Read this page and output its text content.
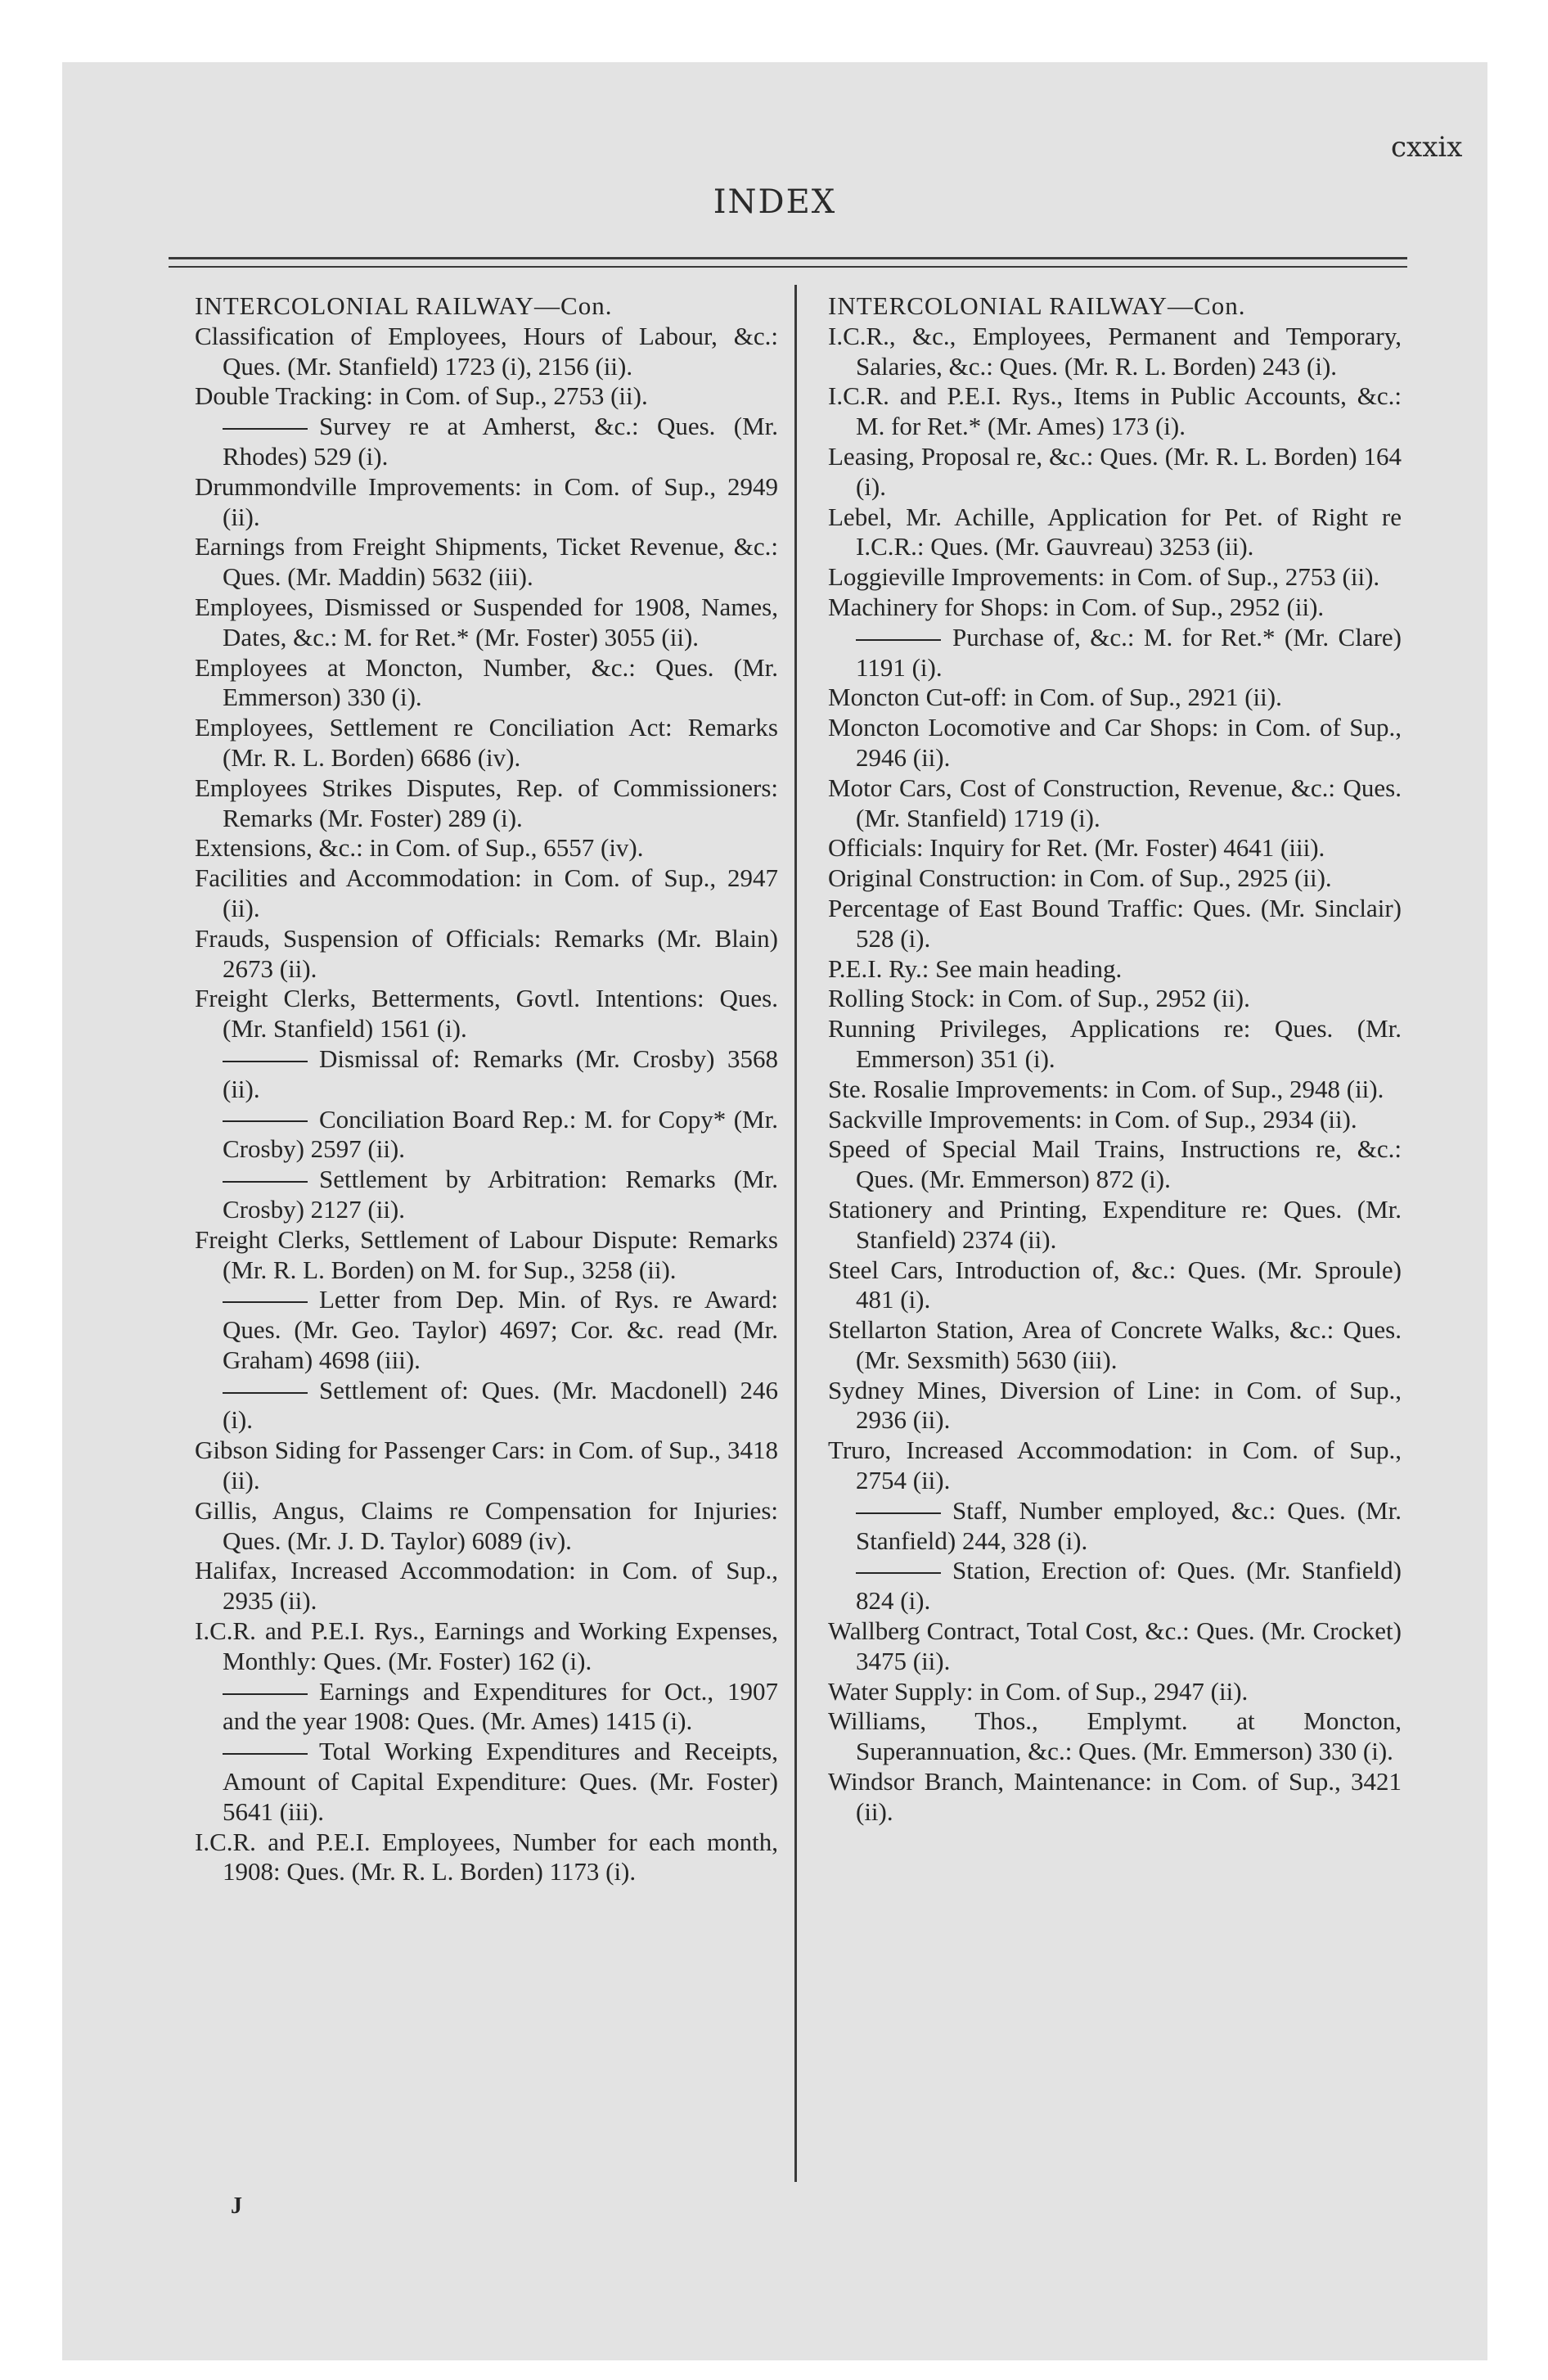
INDEX
INTERCOLONIAL RAILWAY—Con.
Classification of Employees, Hours of Labour, &c.: Ques. (Mr. Stanfield) 1723 (i), 2156 (ii).
Double Tracking: in Com. of Sup., 2753 (ii).
Survey re at Amherst, &c.: Ques. (Mr. Rhodes) 529 (i).
Drummondville Improvements: in Com. of Sup., 2949 (ii).
Earnings from Freight Shipments, Ticket Revenue, &c.: Ques. (Mr. Maddin) 5632 (iii).
Employees, Dismissed or Suspended for 1908, Names, Dates, &c.: M. for Ret.* (Mr. Foster) 3055 (ii).
Employees at Moncton, Number, &c.: Ques. (Mr. Emmerson) 330 (i).
Employees, Settlement re Conciliation Act: Remarks (Mr. R. L. Borden) 6686 (iv).
Employees Strikes Disputes, Rep. of Commissioners: Remarks (Mr. Foster) 289 (i).
Extensions, &c.: in Com. of Sup., 6557 (iv).
Facilities and Accommodation: in Com. of Sup., 2947 (ii).
Frauds, Suspension of Officials: Remarks (Mr. Blain) 2673 (ii).
Freight Clerks, Betterments, Govtl. Intentions: Ques. (Mr. Stanfield) 1561 (i).
Dismissal of: Remarks (Mr. Crosby) 3568 (ii).
Conciliation Board Rep.: M. for Copy* (Mr. Crosby) 2597 (ii).
Settlement by Arbitration: Remarks (Mr. Crosby) 2127 (ii).
Freight Clerks, Settlement of Labour Dispute: Remarks (Mr. R. L. Borden) on M. for Sup., 3258 (ii).
Letter from Dep. Min. of Rys. re Award: Ques. (Mr. Geo. Taylor) 4697; Cor. &c. read (Mr. Graham) 4698 (iii).
Settlement of: Ques. (Mr. Macdonell) 246 (i).
Gibson Siding for Passenger Cars: in Com. of Sup., 3418 (ii).
Gillis, Angus, Claims re Compensation for Injuries: Ques. (Mr. J. D. Taylor) 6089 (iv).
Halifax, Increased Accommodation: in Com. of Sup., 2935 (ii).
I.C.R. and P.E.I. Rys., Earnings and Working Expenses, Monthly: Ques. (Mr. Foster) 162 (i).
Earnings and Expenditures for Oct., 1907 and the year 1908: Ques. (Mr. Ames) 1415 (i).
Total Working Expenditures and Receipts, Amount of Capital Expenditure: Ques. (Mr. Foster) 5641 (iii).
I.C.R. and P.E.I. Employees, Number for each month, 1908: Ques. (Mr. R. L. Borden) 1173 (i).
INTERCOLONIAL RAILWAY—Con.
I.C.R., &c., Employees, Permanent and Temporary, Salaries, &c.: Ques. (Mr. R. L. Borden) 243 (i).
I.C.R. and P.E.I. Rys., Items in Public Accounts, &c.: M. for Ret.* (Mr. Ames) 173 (i).
Leasing, Proposal re, &c.: Ques. (Mr. R. L. Borden) 164 (i).
Lebel, Mr. Achille, Application for Pet. of Right re I.C.R.: Ques. (Mr. Gauvreau) 3253 (ii).
Loggieville Improvements: in Com. of Sup., 2753 (ii).
Machinery for Shops: in Com. of Sup., 2952 (ii).
Purchase of, &c.: M. for Ret.* (Mr. Clare) 1191 (i).
Moncton Cut-off: in Com. of Sup., 2921 (ii).
Moncton Locomotive and Car Shops: in Com. of Sup., 2946 (ii).
Motor Cars, Cost of Construction, Revenue, &c.: Ques. (Mr. Stanfield) 1719 (i).
Officials: Inquiry for Ret. (Mr. Foster) 4641 (iii).
Original Construction: in Com. of Sup., 2925 (ii).
Percentage of East Bound Traffic: Ques. (Mr. Sinclair) 528 (i).
P.E.I. Ry.: See main heading.
Rolling Stock: in Com. of Sup., 2952 (ii).
Running Privileges, Applications re: Ques. (Mr. Emmerson) 351 (i).
Ste. Rosalie Improvements: in Com. of Sup., 2948 (ii).
Sackville Improvements: in Com. of Sup., 2934 (ii).
Speed of Special Mail Trains, Instructions re, &c.: Ques. (Mr. Emmerson) 872 (i).
Stationery and Printing, Expenditure re: Ques. (Mr. Stanfield) 2374 (ii).
Steel Cars, Introduction of, &c.: Ques. (Mr. Sproule) 481 (i).
Stellarton Station, Area of Concrete Walks, &c.: Ques. (Mr. Sexsmith) 5630 (iii).
Sydney Mines, Diversion of Line: in Com. of Sup., 2936 (ii).
Truro, Increased Accommodation: in Com. of Sup., 2754 (ii).
Staff, Number employed, &c.: Ques. (Mr. Stanfield) 244, 328 (i).
Station, Erection of: Ques. (Mr. Stanfield) 824 (i).
Wallberg Contract, Total Cost, &c.: Ques. (Mr. Crocket) 3475 (ii).
Water Supply: in Com. of Sup., 2947 (ii).
Williams, Thos., Emplymt. at Moncton, Superannuation, &c.: Ques. (Mr. Emmerson) 330 (i).
Windsor Branch, Maintenance: in Com. of Sup., 3421 (ii).
J
